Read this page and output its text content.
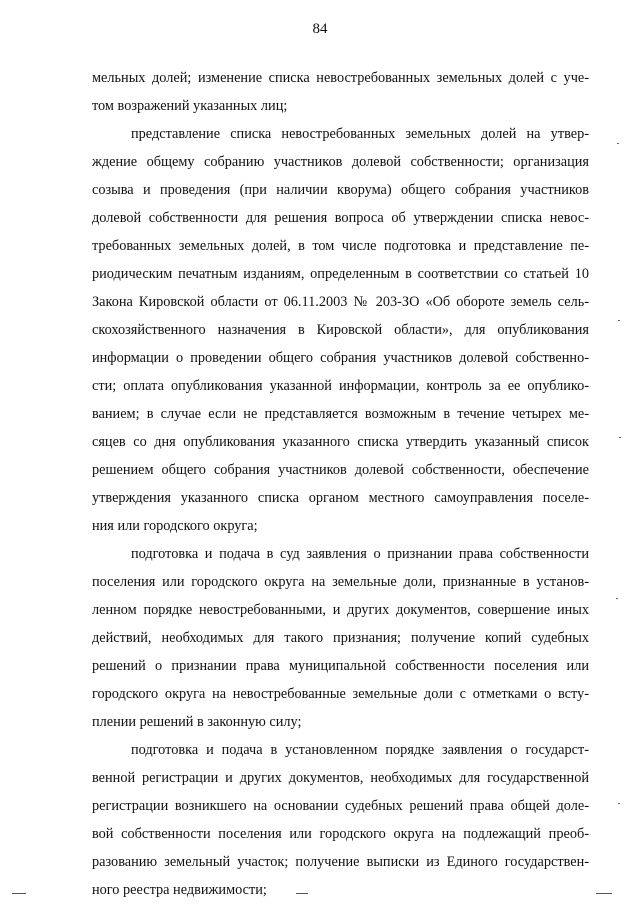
84
мельных долей; изменение списка невостребованных земельных долей с уче-
том возражений указанных лиц;
представление списка невостребованных земельных долей на утвер-
ждение общему собранию участников долевой собственности; организация
созыва и проведения (при наличии кворума) общего собрания участников
долевой собственности для решения вопроса об утверждении списка невос-
требованных земельных долей, в том числе подготовка и представление пе-
риодическим печатным изданиям, определенным в соответствии со статьей 10
Закона Кировской области от 06.11.2003 № 203-ЗО «Об обороте земель сель-
скохозяйственного назначения в Кировской области», для опубликования
информации о проведении общего собрания участников долевой собственно-
сти; оплата опубликования указанной информации, контроль за ее опублико-
ванием; в случае если не представляется возможным в течение четырех ме-
сяцев со дня опубликования указанного списка утвердить указанный список
решением общего собрания участников долевой собственности, обеспечение
утверждения указанного списка органом местного самоуправления поселе-
ния или городского округа;
подготовка и подача в суд заявления о признании права собственности
поселения или городского округа на земельные доли, признанные в установ-
ленном порядке невостребованными, и других документов, совершение иных
действий, необходимых для такого признания; получение копий судебных
решений о признании права муниципальной собственности поселения или
городского округа на невостребованные земельные доли с отметками о всту-
плении решений в законную силу;
подготовка и подача в установленном порядке заявления о государст-
венной регистрации и других документов, необходимых для государственной
регистрации возникшего на основании судебных решений права общей доле-
вой собственности поселения или городского округа на подлежащий преоб-
разованию земельный участок; получение выписки из Единого государствен-
ного реестра недвижимости;
